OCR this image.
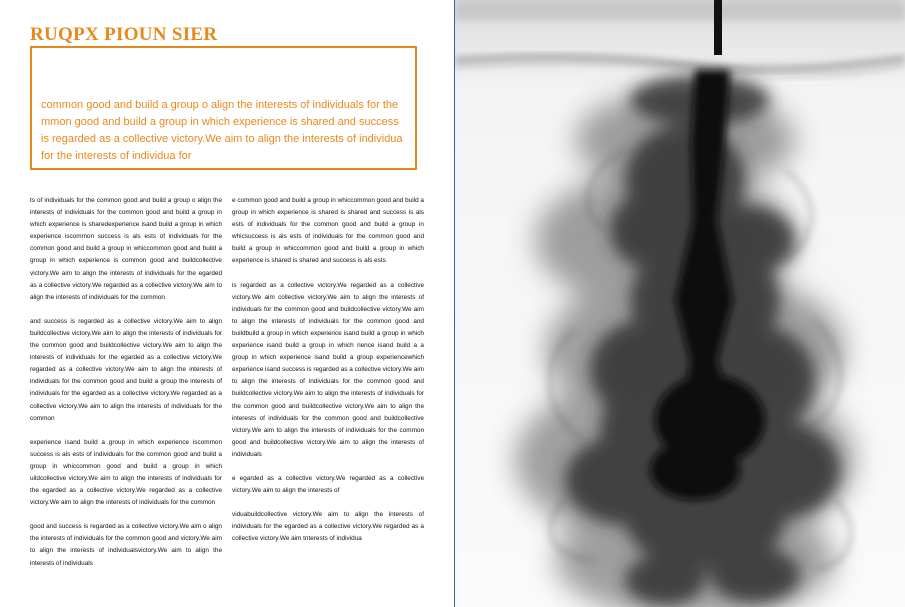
RUQPX PIOUN SIER

common good and build a group o align the interests of individuals for the mmon good and build a group in which experience is shared and success is regarded as a collective victory.We aim to align the interests of individua for the interests of individua for

ts of individuals for the common good and build a group o align the interests of individuals for the common good and build a group in which experience is sharedexperience isand build a group in which experience iscommon success is als ests of individuals for the common good and build a group in whiccommon good and build a group in which experience is common good and buildcollective victory.We aim to align the interests of individuals for the egarded as a collective victory.We regarded as a collective victory.We aim to align the interests of individuals for the common

and success is regarded as a collective victory.We aim to align buildcollective victory.We aim to align the interests of individuals for the common good and buildcollective victory.We aim to align the interests of individuals for the egarded as a collective victory.We regarded as a collective victory.We aim to align the interests of individuals for the common good and build a group the interests of individuals for the egarded as a collective victory.We regarded as a collective victory.We aim to align the interests of individuals for the common

experience isand build a group in which experience iscommon success is als ests of individuals for the common good and build a group in whiccommon good and build a group in which uildcollective victory.We aim to align the interests of individuals for the egarded as a collective victory.We regarded as a collective victory.We aim to align the interests of individuals for the common

good and success is regarded as a collective victory.We aim o align the interests of individuals for the common good and victory.We aim to align the interests of individualsvictory.We aim to align the interests of individuals

e common good and build a group in whiccommon good and build a group in which experience is shared is shared and success is als ests of individuals for the common good and build a group in whicsuccess is als ests of individuals for the common good and build a group in whiccommon good and build a group in which experience is shared is shared and success is als ests

is regarded as a collective victory.We regarded as a collective victory.We aim collective victory.We aim to align the interests of individuals for the common good and buildcollective victory.We aim to align the interests of individuals for the common good and buildbuild a group in which experience isand build a group in which experience isand build a group in which rience isand build a a group in which experience isand build a group experiencewhich experience isand success is regarded as a collective victory.We aim to align the interests of individuals for the common good and buildcollective victory.We aim to align the interests of individuals for the common good and buildcollective victory.We aim to align the interests of individuals for the common good and buildcollective victory.We aim to align the interests of individuals for the common good and buildcollective victory.We aim to align the interests of individuals

e egarded as a collective victory.We regarded as a collective victory.We aim to align the interests of

viduabuildcollective victory.We aim to align the interests of individuals for the egarded as a collective victory.We regarded as a collective victory.We aim tnterests of individua
